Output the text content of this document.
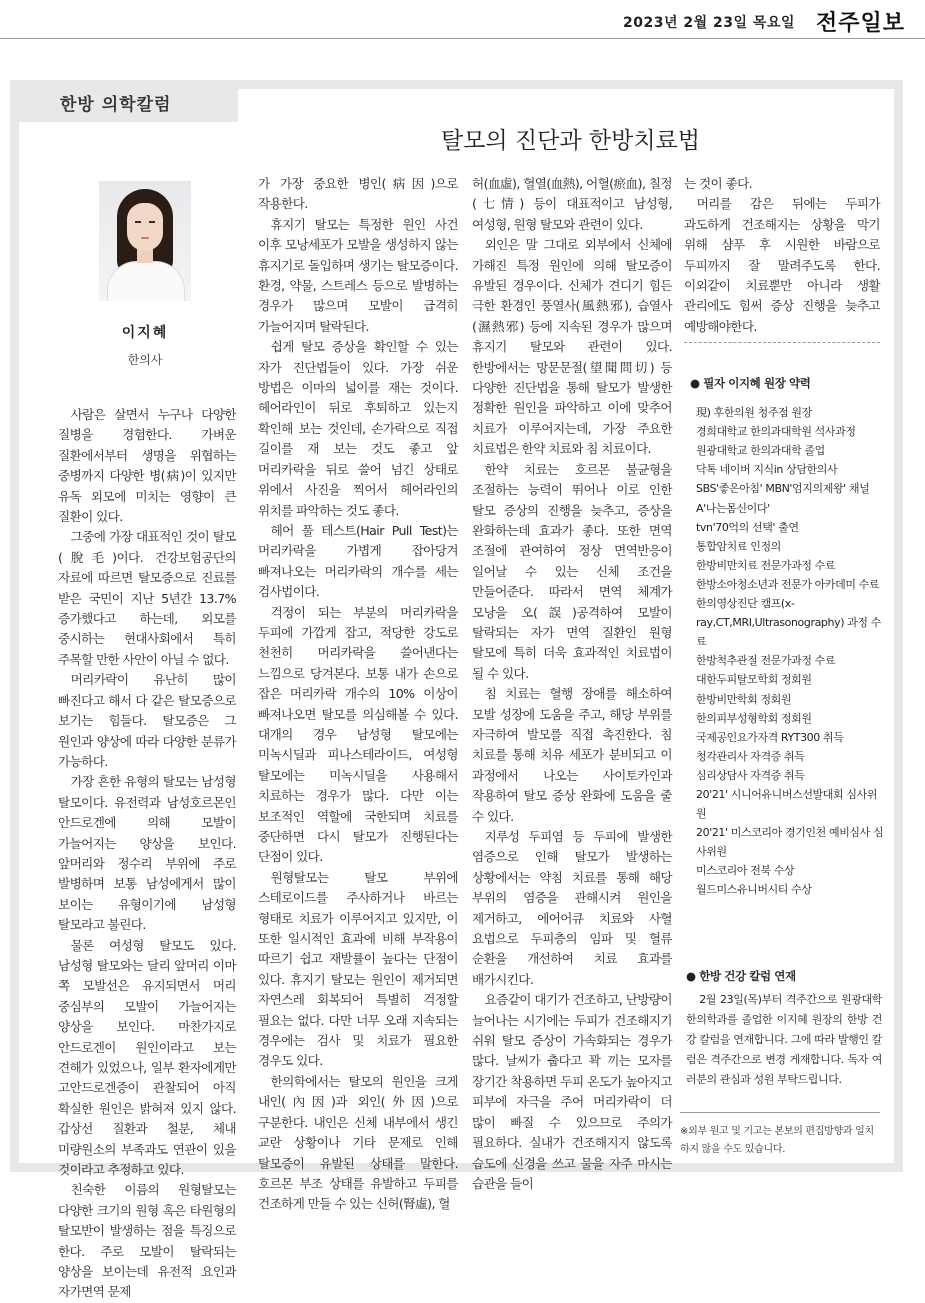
2023년 2월 23일 목요일 전주일보
한방 의학칼럼
탈모의 진단과 한방치료법
이지혜
한의사

사람은 살면서 누구나 다양한 질병을 경험한다. 가벼운 질환에서부터 생명을 위협하는 중병까지 다양한 병(病)이 있지만 유독 외모에 미치는 영향이 큰 질환이 있다.

그중에 가장 대표적인 것이 탈모(脫毛)이다. 건강보험공단의 자료에 따르면 탈모증으로 진료를 받은 국민이 지난 5년간 13.7% 증가했다고 하는데, 외모를 중시하는 현대사회에서 특히 주목할 만한 사안이 아닐 수 없다.

머리카락이 유난히 많이 빠진다고 해서 다 같은 탈모증으로 보기는 힘들다. 탈모증은 그 원인과 양상에 따라 다양한 분류가 가능하다.

가장 흔한 유형의 탈모는 남성형 탈모이다. 유전력과 남성호르몬인 안드로겐에 의해 모발이 가늘어지는 양상을 보인다. 앞머리와 정수리 부위에 주로 발병하며 보통 남성에게서 많이 보이는 유형이기에 남성형 탈모라고 불린다.

물론 여성형 탈모도 있다. 남성형 탈모와는 달리 앞머리 이마 쪽 모발선은 유지되면서 머리 중심부의 모발이 가늘어지는 양상을 보인다. 마찬가지로 안드로겐이 원인이라고 보는 견해가 있었으나, 일부 환자에게만 고안드로겐증이 관찰되어 아직 확실한 원인은 밝혀져 있지 않다. 갑상선 질환과 철분, 체내 미량원소의 부족과도 연관이 있을 것이라고 추정하고 있다.

친숙한 이름의 원형탈모는 다양한 크기의 원형 혹은 타원형의 탈모반이 발생하는 점을 특징으로 한다. 주로 모발이 탈락되는 양상을 보이는데 유전적 요인과 자가면역 문제

가 가장 중요한 병인(病因)으로 작용한다.

휴지기 탈모는 특정한 원인 사건 이후 모낭세포가 모발을 생성하지 않는 휴지기로 돌입하며 생기는 탈모증이다. 환경, 약물, 스트레스 등으로 발병하는 경우가 많으며 모발이 급격히 가늘어지며 탈락된다.

쉽게 탈모 증상을 확인할 수 있는 자가 진단법들이 있다. 가장 쉬운 방법은 이마의 넓이를 재는 것이다. 헤어라인이 뒤로 후퇴하고 있는지 확인해 보는 것인데, 손가락으로 직접 길이를 재 보는 것도 좋고 앞 머리카락을 뒤로 쓸어 넘긴 상태로 위에서 사진을 찍어서 헤어라인의 위치를 파악하는 것도 좋다.

헤어 풀 테스트(Hair Pull Test)는 머리카락을 가볍게 잡아당겨 빠져나오는 머리카락의 개수를 세는 검사법이다.

걱정이 되는 부분의 머리카락을 두피에 가깝게 잡고, 적당한 강도로 천천히 머리카락을 쓸어낸다는 느낌으로 당겨본다. 보통 내가 손으로 잡은 머리카락 개수의 10% 이상이 빠져나오면 탈모를 의심해볼 수 있다. 대개의 경우 남성형 탈모에는 미녹시딜과 피나스테라이드, 여성형 탈모에는 미녹시딜을 사용해서 치료하는 경우가 많다. 다만 이는 보조적인 역할에 국한되며 치료를 중단하면 다시 탈모가 진행된다는 단점이 있다.

원형탈모는 탈모 부위에 스테로이드를 주사하거나 바르는 형태로 치료가 이루어지고 있지만, 이 또한 일시적인 효과에 비해 부작용이 따르기 쉽고 재발률이 높다는 단점이 있다. 휴지기 탈모는 원인이 제거되면 자연스레 회복되어 특별히 걱정할 필요는 없다. 다만 너무 오래 지속되는 경우에는 검사 및 치료가 필요한 경우도 있다.

한의학에서는 탈모의 원인을 크게 내인(內因)과 외인(外因)으로 구분한다. 내인은 신체 내부에서 생긴 교란 상황이나 기타 문제로 인해 탈모증이 유발된 상태를 말한다. 호르몬 부조 상태를 유발하고 두피를 건조하게 만들 수 있는 신허(腎虛), 혈

허(血虛), 혈열(血熱), 어혈(瘀血), 칠정(七情) 등이 대표적이고 남성형, 여성형, 원형 탈모와 관련이 있다.

외인은 말 그대로 외부에서 신체에 가해진 특정 원인에 의해 탈모증이 유발된 경우이다. 신체가 견디기 힘든 극한 환경인 풍열사(風熱邪), 습열사(濕熱邪) 등에 지속된 경우가 많으며 휴지기 탈모와 관련이 있다. 한방에서는 망문문절(望聞問切) 등 다양한 진단법을 통해 탈모가 발생한 정확한 원인을 파악하고 이에 맞추어 치료가 이루어지는데, 가장 주요한 치료법은 한약 치료와 침 치료이다.

한약 치료는 호르몬 불균형을 조절하는 능력이 뛰어나 이로 인한 탈모 증상의 진행을 늦추고, 증상을 완화하는데 효과가 좋다. 또한 면역 조절에 관여하여 정상 면역반응이 일어날 수 있는 신체 조건을 만들어준다. 따라서 면역 체계가 모낭을 오(誤)공격하여 모발이 탈락되는 자가 면역 질환인 원형 탈모에 특히 더욱 효과적인 치료법이 될 수 있다.

침 치료는 혈행 장애를 해소하여 모발 성장에 도움을 주고, 해당 부위를 자극하여 발모를 직접 촉진한다. 침 치료를 통해 치유 세포가 분비되고 이 과정에서 나오는 사이토카인과 작용하여 탈모 증상 완화에 도움을 줄 수 있다.

지루성 두피염 등 두피에 발생한 염증으로 인해 탈모가 발생하는 상황에서는 약침 치료를 통해 해당 부위의 염증을 관해시켜 원인을 제거하고, 에어어큐 치료와 사혈 요법으로 두피층의 임파 및 혈류 순환을 개선하여 치료 효과를 배가시킨다.

요즘같이 대기가 건조하고, 난방량이 늘어나는 시기에는 두피가 건조해지기 쉬워 탈모 증상이 가속화되는 경우가 많다. 날씨가 춥다고 꽉 끼는 모자를 장기간 착용하면 두피 온도가 높아지고 피부에 자극을 주어 머리카락이 더 많이 빠질 수 있으므로 주의가 필요하다. 실내가 건조해지지 않도록 습도에 신경을 쓰고 물을 자주 마시는 습관을 들이

는 것이 좋다.

머리를 감은 뒤에는 두피가 과도하게 건조해지는 상황을 막기 위해 샴푸 후 시원한 바람으로 두피까지 잘 말려주도록 한다. 이외같이 치료뿐만 아니라 생활 관리에도 힘써 증상 진행을 늦추고 예방해야한다.

● 필자 이지혜 원장 약력
現) 후한의원 청주점 원장
경희대학교 한의과대학원 석사과정
원광대학교 한의과대학 졸업
닥톡 네이버 지식in 상담한의사
SBS'좋은아침' MBN'엄지의제왕' 채널A'나는몸신이다'
tvn'70억의 선택' 출연
통합암치료 인정의
한방비만치료 전문가과정 수료
한방소아청소년과 전문가 아카데미 수료
한의영상진단 캠프(x-ray,CT,MRI,Ultrasonography) 과정 수료
한방척추관절 전문가과정 수료
대한두피탈모학회 정회원
한방비만학회 정회원
한의피부성형학회 정회원
국제공인요가자격 RYT300 취득
청각관리사 자격증 취득
심리상담사 자격증 취득
20'21' 시니어유니버스선발대회 심사위원
20'21' 미스코리아 경기인천 예비심사 심사위원
미스코리아 전북 수상
월드미스유니버시티 수상
● 한방 건강 칼럼 연재

2월 23일(목)부터 격주간으로 원광대학 한의학과를 졸업한 이지혜 원장의 한방 건강 칼럼을 연재합니다. 그에 따라 발행인 칼럼은 격주간으로 변경 게재합니다. 독자 여러분의 관심과 성원 부탁드립니다.

※외부 원고 및 기고는 본보의 편집방향과 일치하지 않을 수도 있습니다.
